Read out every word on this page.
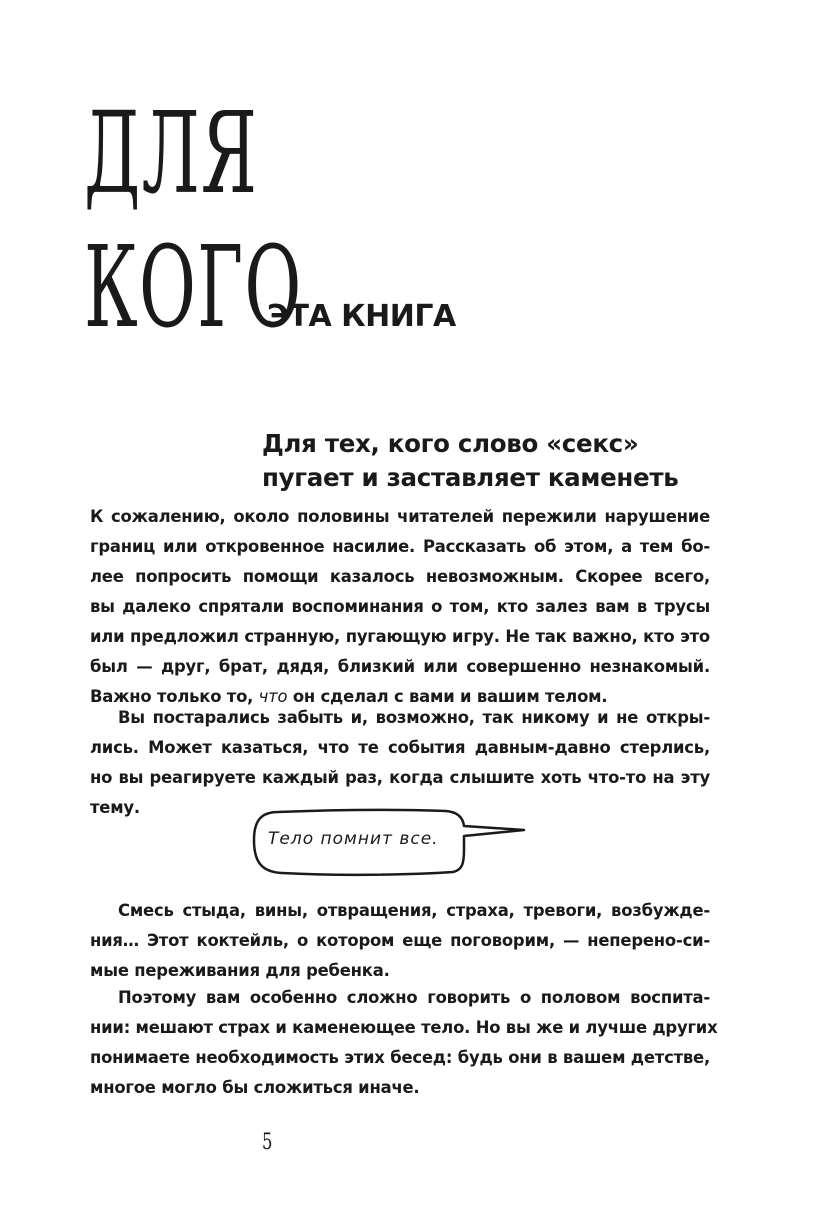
ДЛЯ
КОГО
ЭТА КНИГА
Для тех, кого слово «секс»
пугает и заставляет каменеть
К сожалению, около половины читателей пережили нарушение
границ или откровенное насилие. Рассказать об этом, а тем бо-
лее попросить помощи казалось невозможным. Скорее всего,
вы далеко спрятали воспоминания о том, кто залез вам в трусы
или предложил странную, пугающую игру. Не так важно, кто это
был — друг, брат, дядя, близкий или совершенно незнакомый.
Важно только то, что он сделал с вами и вашим телом.
Вы постарались забыть и, возможно, так никому и не откры-
лись. Может казаться, что те события давным-давно стерлись,
но вы реагируете каждый раз, когда слышите хоть что-то на эту
тему.
Тело помнит все.
Смесь стыда, вины, отвращения, страха, тревоги, возбужде-
ния… Этот коктейль, о котором еще поговорим, — неперено-си-
мые переживания для ребенка.
Поэтому вам особенно сложно говорить о половом воспита-
нии: мешают страх и каменеющее тело. Но вы же и лучше других
понимаете необходимость этих бесед: будь они в вашем детстве,
многое могло бы сложиться иначе.
5
